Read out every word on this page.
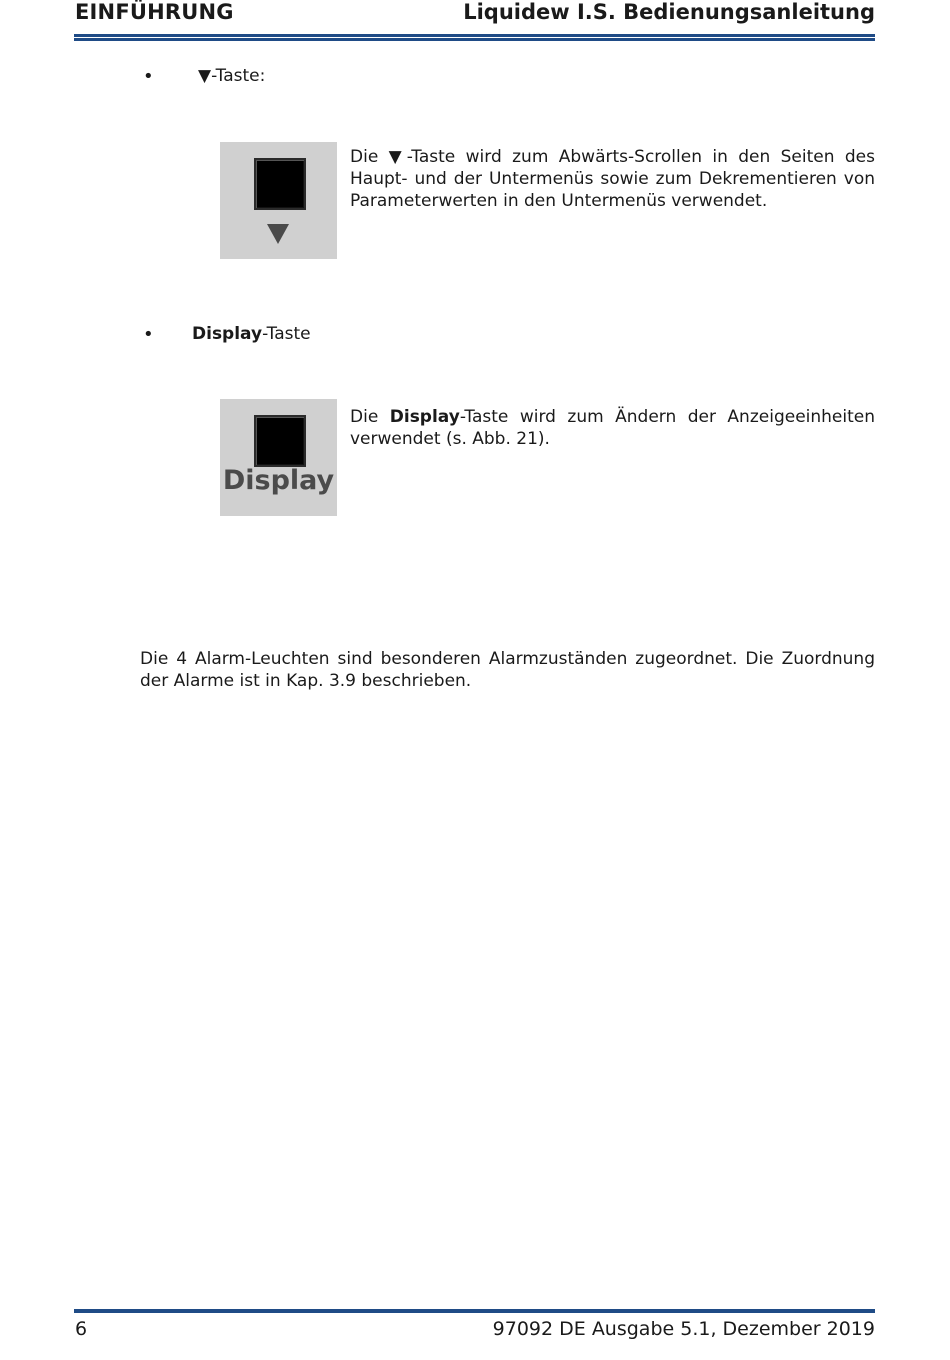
EINFÜHRUNG	Liquidew I.S. Bedienungsanleitung
•	▼-Taste:
Die ▼-Taste wird zum Abwärts-Scrollen in den Seiten des Haupt- und der Untermenüs sowie zum Dekrementieren von Parameterwerten in den Untermenüs verwendet.
• Display-Taste
Display
Die Display-Taste wird zum Ändern der Anzeigeeinheiten verwendet (s. Abb. 21).
Die 4 Alarm-Leuchten sind besonderen Alarmzuständen zugeordnet. Die Zuordnung der Alarme ist in Kap. 3.9 beschrieben.
6	97092 DE Ausgabe 5.1, Dezember 2019
